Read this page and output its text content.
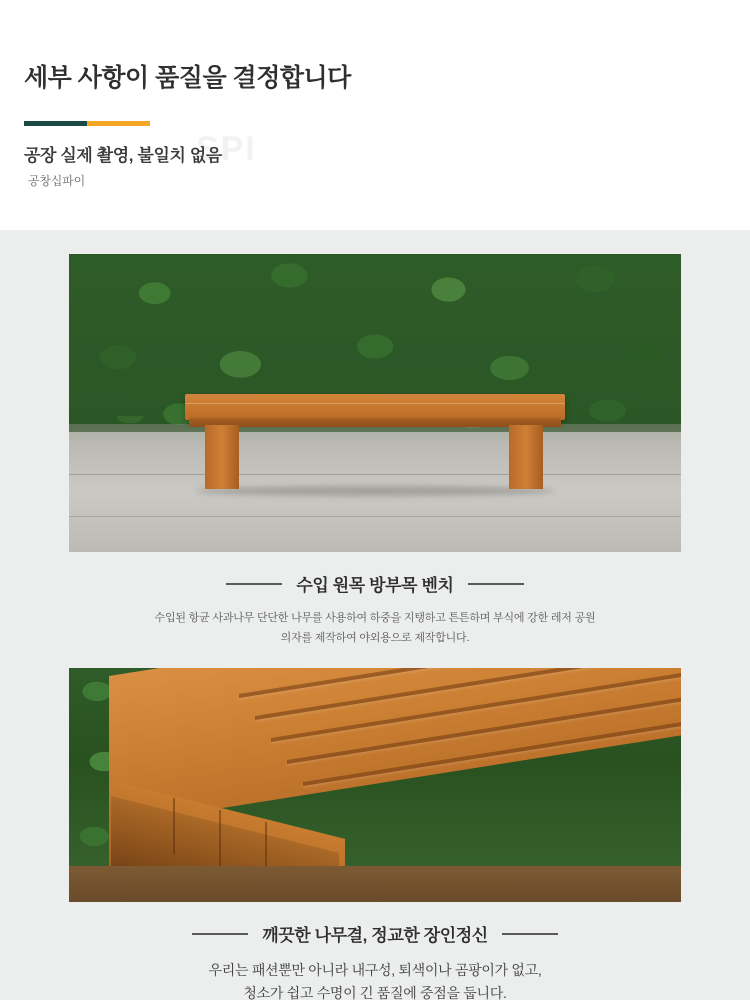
SPI
세부 사항이 품질을 결정합니다
공장 실제 촬영, 불일치 없음
공창십파이
수입 원목 방부목 벤치
수입된 항균 사과나무 단단한 나무를 사용하여 하중을 지탱하고 튼튼하며 부식에 강한 레저 공원
의자를 제작하여 야외용으로 제작합니다.
깨끗한 나무결, 정교한 장인정신
우리는 패션뿐만 아니라 내구성, 퇴색이나 곰팡이가 없고,
청소가 쉽고 수명이 긴 품질에 중점을 둡니다.
